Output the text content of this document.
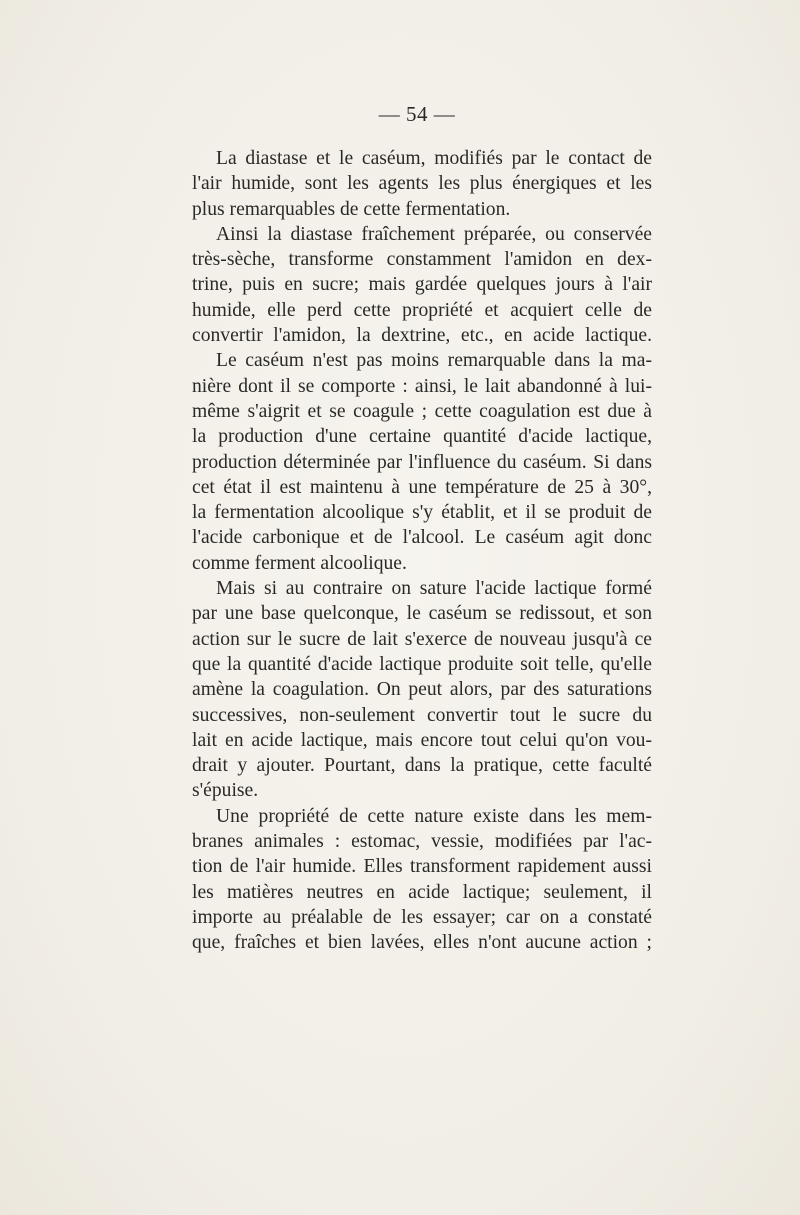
— 54 —
La diastase et le caséum, modifiés par le contact de
l'air humide, sont les agents les plus énergiques et les
plus remarquables de cette fermentation.
Ainsi la diastase fraîchement préparée, ou conservée
très-sèche, transforme constamment l'amidon en dex-
trine, puis en sucre; mais gardée quelques jours à l'air
humide, elle perd cette propriété et acquiert celle de
convertir l'amidon, la dextrine, etc., en acide lactique.
Le caséum n'est pas moins remarquable dans la ma-
nière dont il se comporte : ainsi, le lait abandonné à lui-
même s'aigrit et se coagule ; cette coagulation est due à
la production d'une certaine quantité d'acide lactique,
production déterminée par l'influence du caséum. Si dans
cet état il est maintenu à une température de 25 à 30°,
la fermentation alcoolique s'y établit, et il se produit de
l'acide carbonique et de l'alcool. Le caséum agit donc
comme ferment alcoolique.
Mais si au contraire on sature l'acide lactique formé
par une base quelconque, le caséum se redissout, et son
action sur le sucre de lait s'exerce de nouveau jusqu'à ce
que la quantité d'acide lactique produite soit telle, qu'elle
amène la coagulation. On peut alors, par des saturations
successives, non-seulement convertir tout le sucre du
lait en acide lactique, mais encore tout celui qu'on vou-
drait y ajouter. Pourtant, dans la pratique, cette faculté
s'épuise.
Une propriété de cette nature existe dans les mem-
branes animales : estomac, vessie, modifiées par l'ac-
tion de l'air humide. Elles transforment rapidement aussi
les matières neutres en acide lactique; seulement, il
importe au préalable de les essayer; car on a constaté
que, fraîches et bien lavées, elles n'ont aucune action ;
